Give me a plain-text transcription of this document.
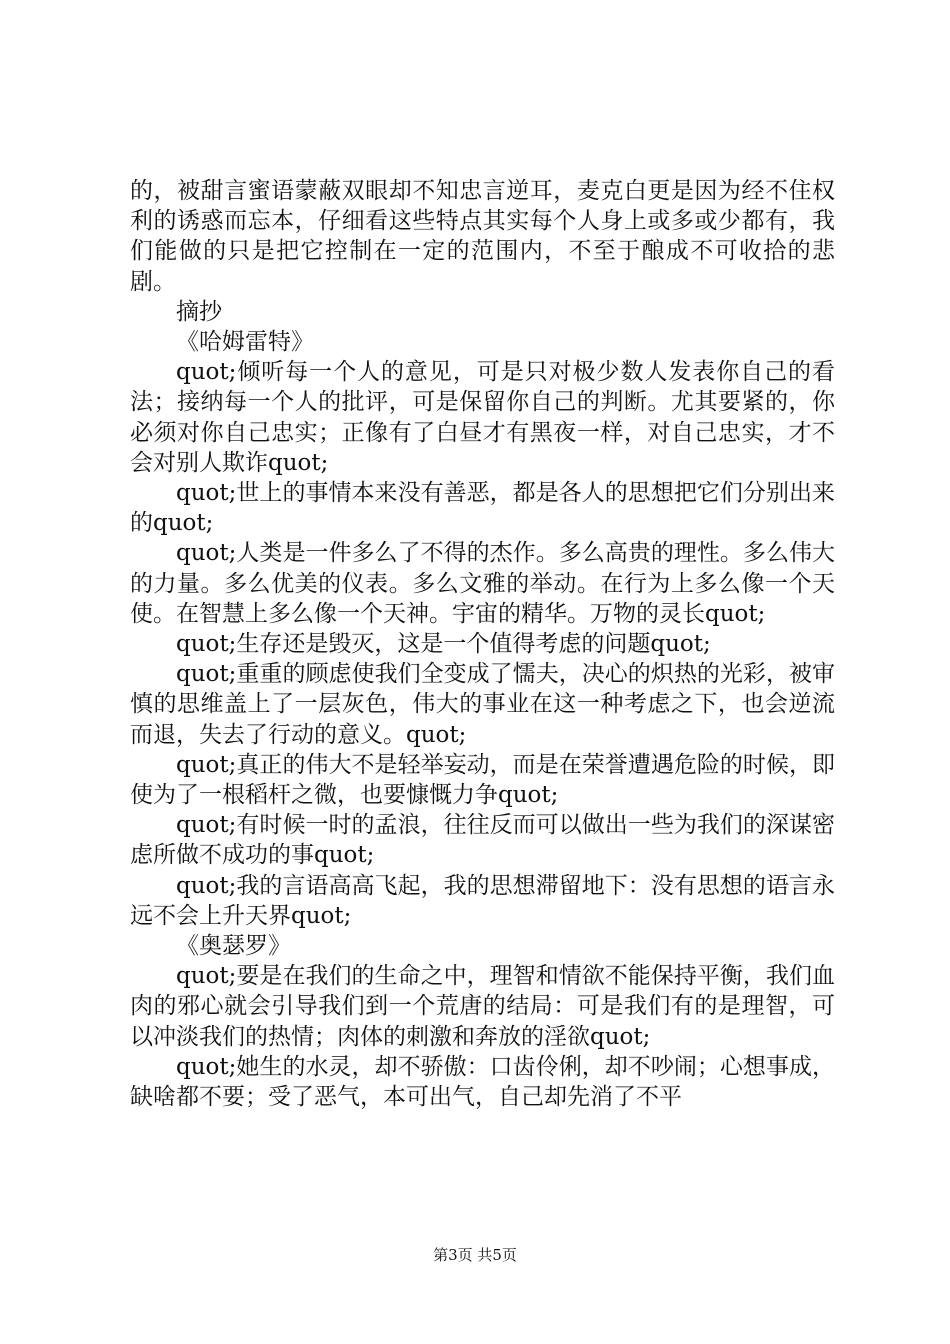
的，被甜言蜜语蒙蔽双眼却不知忠言逆耳，麦克白更是因为经不住权利的诱惑而忘本，仔细看这些特点其实每个人身上或多或少都有，我们能做的只是把它控制在一定的范围内，不至于酿成不可收拾的悲剧。

摘抄

《哈姆雷特》

quot;倾听每一个人的意见，可是只对极少数人发表你自己的看法；接纳每一个人的批评，可是保留你自己的判断。尤其要紧的，你必须对你自己忠实；正像有了白昼才有黑夜一样，对自己忠实，才不会对别人欺诈quot;

quot;世上的事情本来没有善恶，都是各人的思想把它们分别出来的quot;

quot;人类是一件多么了不得的杰作。多么高贵的理性。多么伟大的力量。多么优美的仪表。多么文雅的举动。在行为上多么像一个天使。在智慧上多么像一个天神。宇宙的精华。万物的灵长quot;

quot;生存还是毁灭，这是一个值得考虑的问题quot;

quot;重重的顾虑使我们全变成了懦夫，决心的炽热的光彩，被审慎的思维盖上了一层灰色，伟大的事业在这一种考虑之下，也会逆流而退，失去了行动的意义。quot;

quot;真正的伟大不是轻举妄动，而是在荣誉遭遇危险的时候，即使为了一根稻杆之微，也要慷慨力争quot;

quot;有时候一时的孟浪，往往反而可以做出一些为我们的深谋密虑所做不成功的事quot;

quot;我的言语高高飞起，我的思想滞留地下：没有思想的语言永远不会上升天界quot;

《奥瑟罗》

quot;要是在我们的生命之中，理智和情欲不能保持平衡，我们血肉的邪心就会引导我们到一个荒唐的结局：可是我们有的是理智，可以冲淡我们的热情；肉体的刺激和奔放的淫欲quot;

quot;她生的水灵，却不骄傲：口齿伶俐，却不吵闹；心想事成，缺啥都不要；受了恶气，本可出气，自己却先消了不平

第3页 共5页
